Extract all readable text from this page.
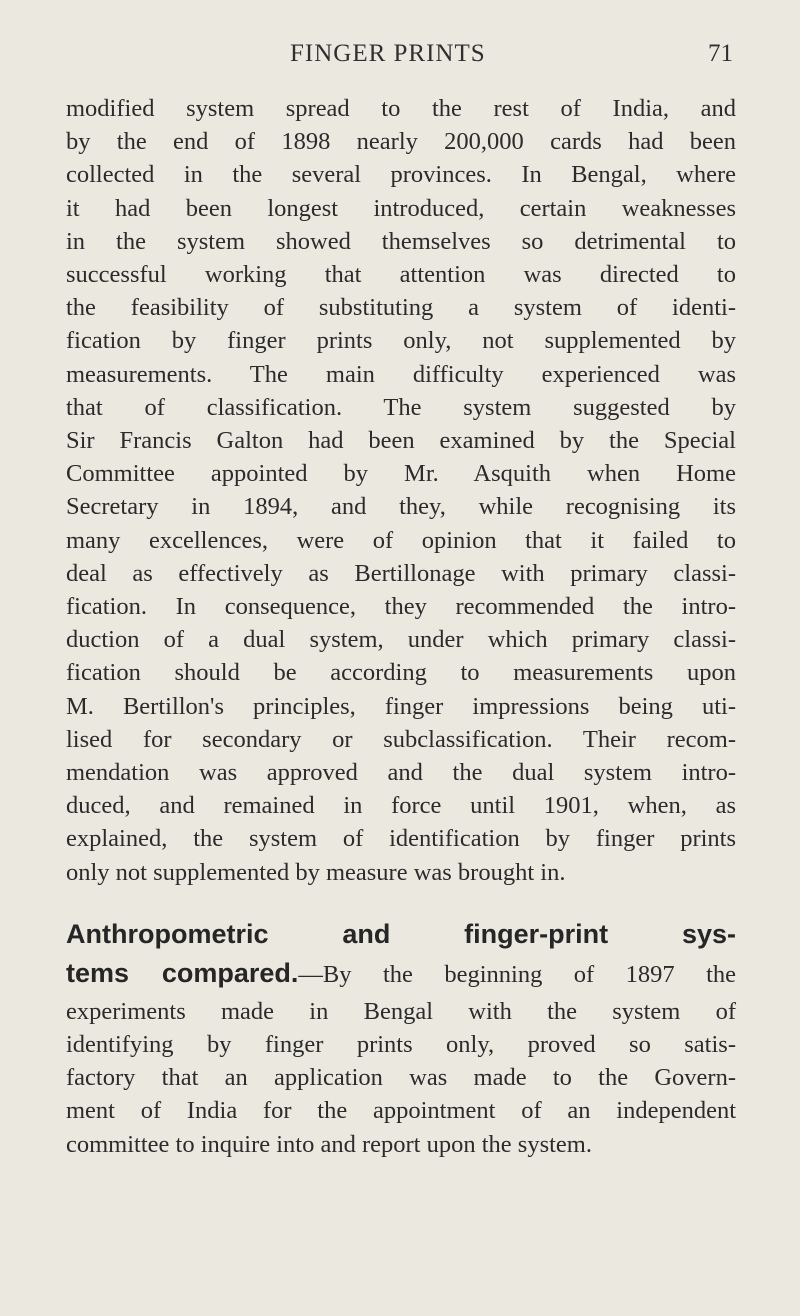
FINGER PRINTS	71
modified system spread to the rest of India, and
by the end of 1898 nearly 200,000 cards had been
collected in the several provinces. In Bengal, where
it had been longest introduced, certain weaknesses
in the system showed themselves so detrimental to
successful working that attention was directed to
the feasibility of substituting a system of identi-
fication by finger prints only, not supplemented by
measurements. The main difficulty experienced was
that of classification. The system suggested by
Sir Francis Galton had been examined by the Special
Committee appointed by Mr. Asquith when Home
Secretary in 1894, and they, while recognising its
many excellences, were of opinion that it failed to
deal as effectively as Bertillonage with primary classi-
fication. In consequence, they recommended the intro-
duction of a dual system, under which primary classi-
fication should be according to measurements upon
M. Bertillon's principles, finger impressions being uti-
lised for secondary or subclassification. Their recom-
mendation was approved and the dual system intro-
duced, and remained in force until 1901, when, as
explained, the system of identification by finger prints
only not supplemented by measure was brought in.
Anthropometric and finger-print sys-
tems compared.—By the beginning of 1897 the
experiments made in Bengal with the system of
identifying by finger prints only, proved so satis-
factory that an application was made to the Govern-
ment of India for the appointment of an independent
committee to inquire into and report upon the system.
